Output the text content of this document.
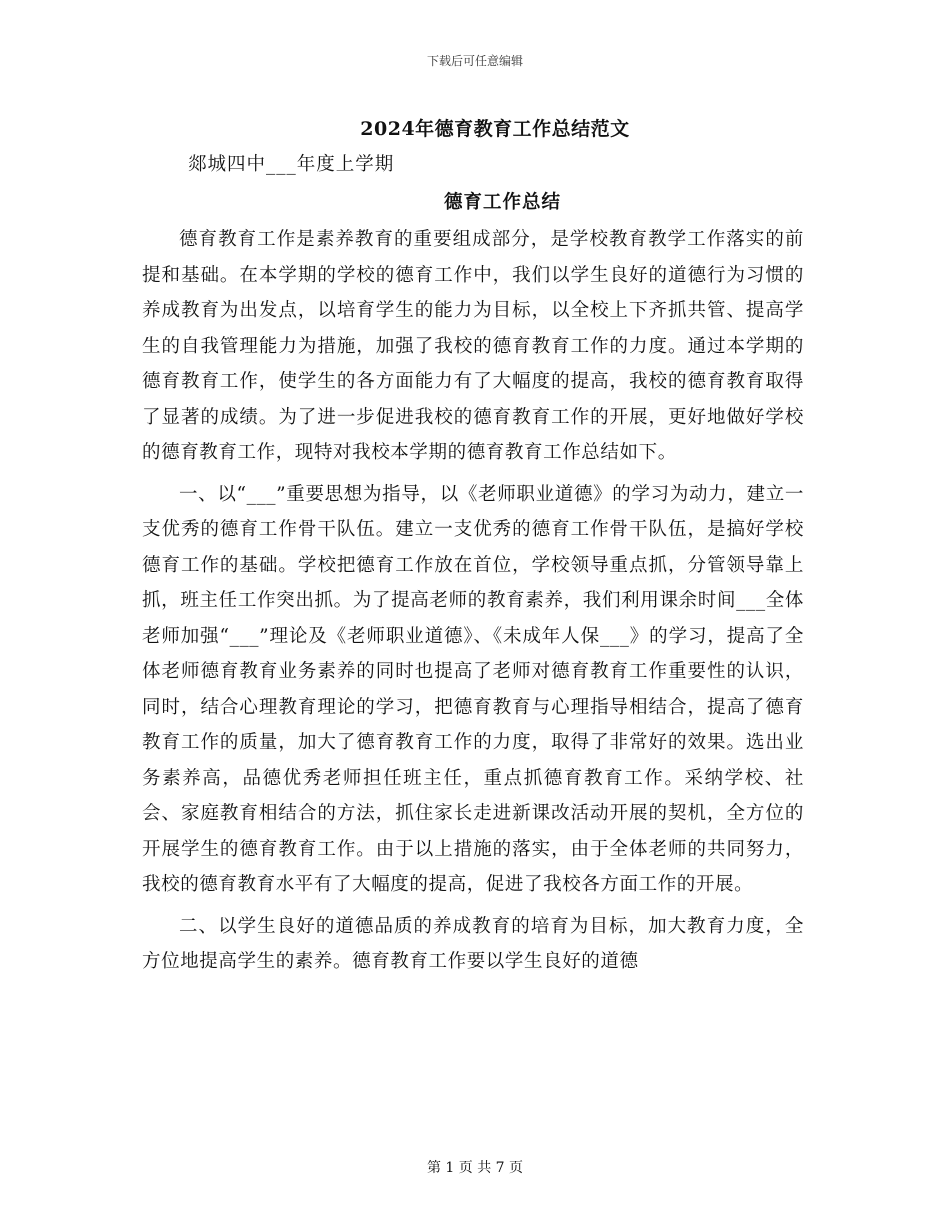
下载后可任意编辑
2024年德育教育工作总结范文
郯城四中___年度上学期
德育工作总结

德育教育工作是素养教育的重要组成部分，是学校教育教学工作落实的前提和基础。在本学期的学校的德育工作中，我们以学生良好的道德行为习惯的养成教育为出发点，以培育学生的能力为目标，以全校上下齐抓共管、提高学生的自我管理能力为措施，加强了我校的德育教育工作的力度。通过本学期的德育教育工作，使学生的各方面能力有了大幅度的提高，我校的德育教育取得了显著的成绩。为了进一步促进我校的德育教育工作的开展，更好地做好学校的德育教育工作，现特对我校本学期的德育教育工作总结如下。

一、以“___”重要思想为指导，以《老师职业道德》的学习为动力，建立一支优秀的德育工作骨干队伍。建立一支优秀的德育工作骨干队伍，是搞好学校德育工作的基础。学校把德育工作放在首位，学校领导重点抓，分管领导靠上抓，班主任工作突出抓。为了提高老师的教育素养，我们利用课余时间___全体老师加强“___”理论及《老师职业道德》、《未成年人保___》的学习，提高了全体老师德育教育业务素养的同时也提高了老师对德育教育工作重要性的认识，同时，结合心理教育理论的学习，把德育教育与心理指导相结合，提高了德育教育工作的质量，加大了德育教育工作的力度，取得了非常好的效果。选出业务素养高，品德优秀老师担任班主任，重点抓德育教育工作。采纳学校、社会、家庭教育相结合的方法，抓住家长走进新课改活动开展的契机，全方位的开展学生的德育教育工作。由于以上措施的落实，由于全体老师的共同努力，我校的德育教育水平有了大幅度的提高，促进了我校各方面工作的开展。

二、以学生良好的道德品质的养成教育的培育为目标，加大教育力度，全方位地提高学生的素养。德育教育工作要以学生良好的道德

第 1 页 共 7 页
